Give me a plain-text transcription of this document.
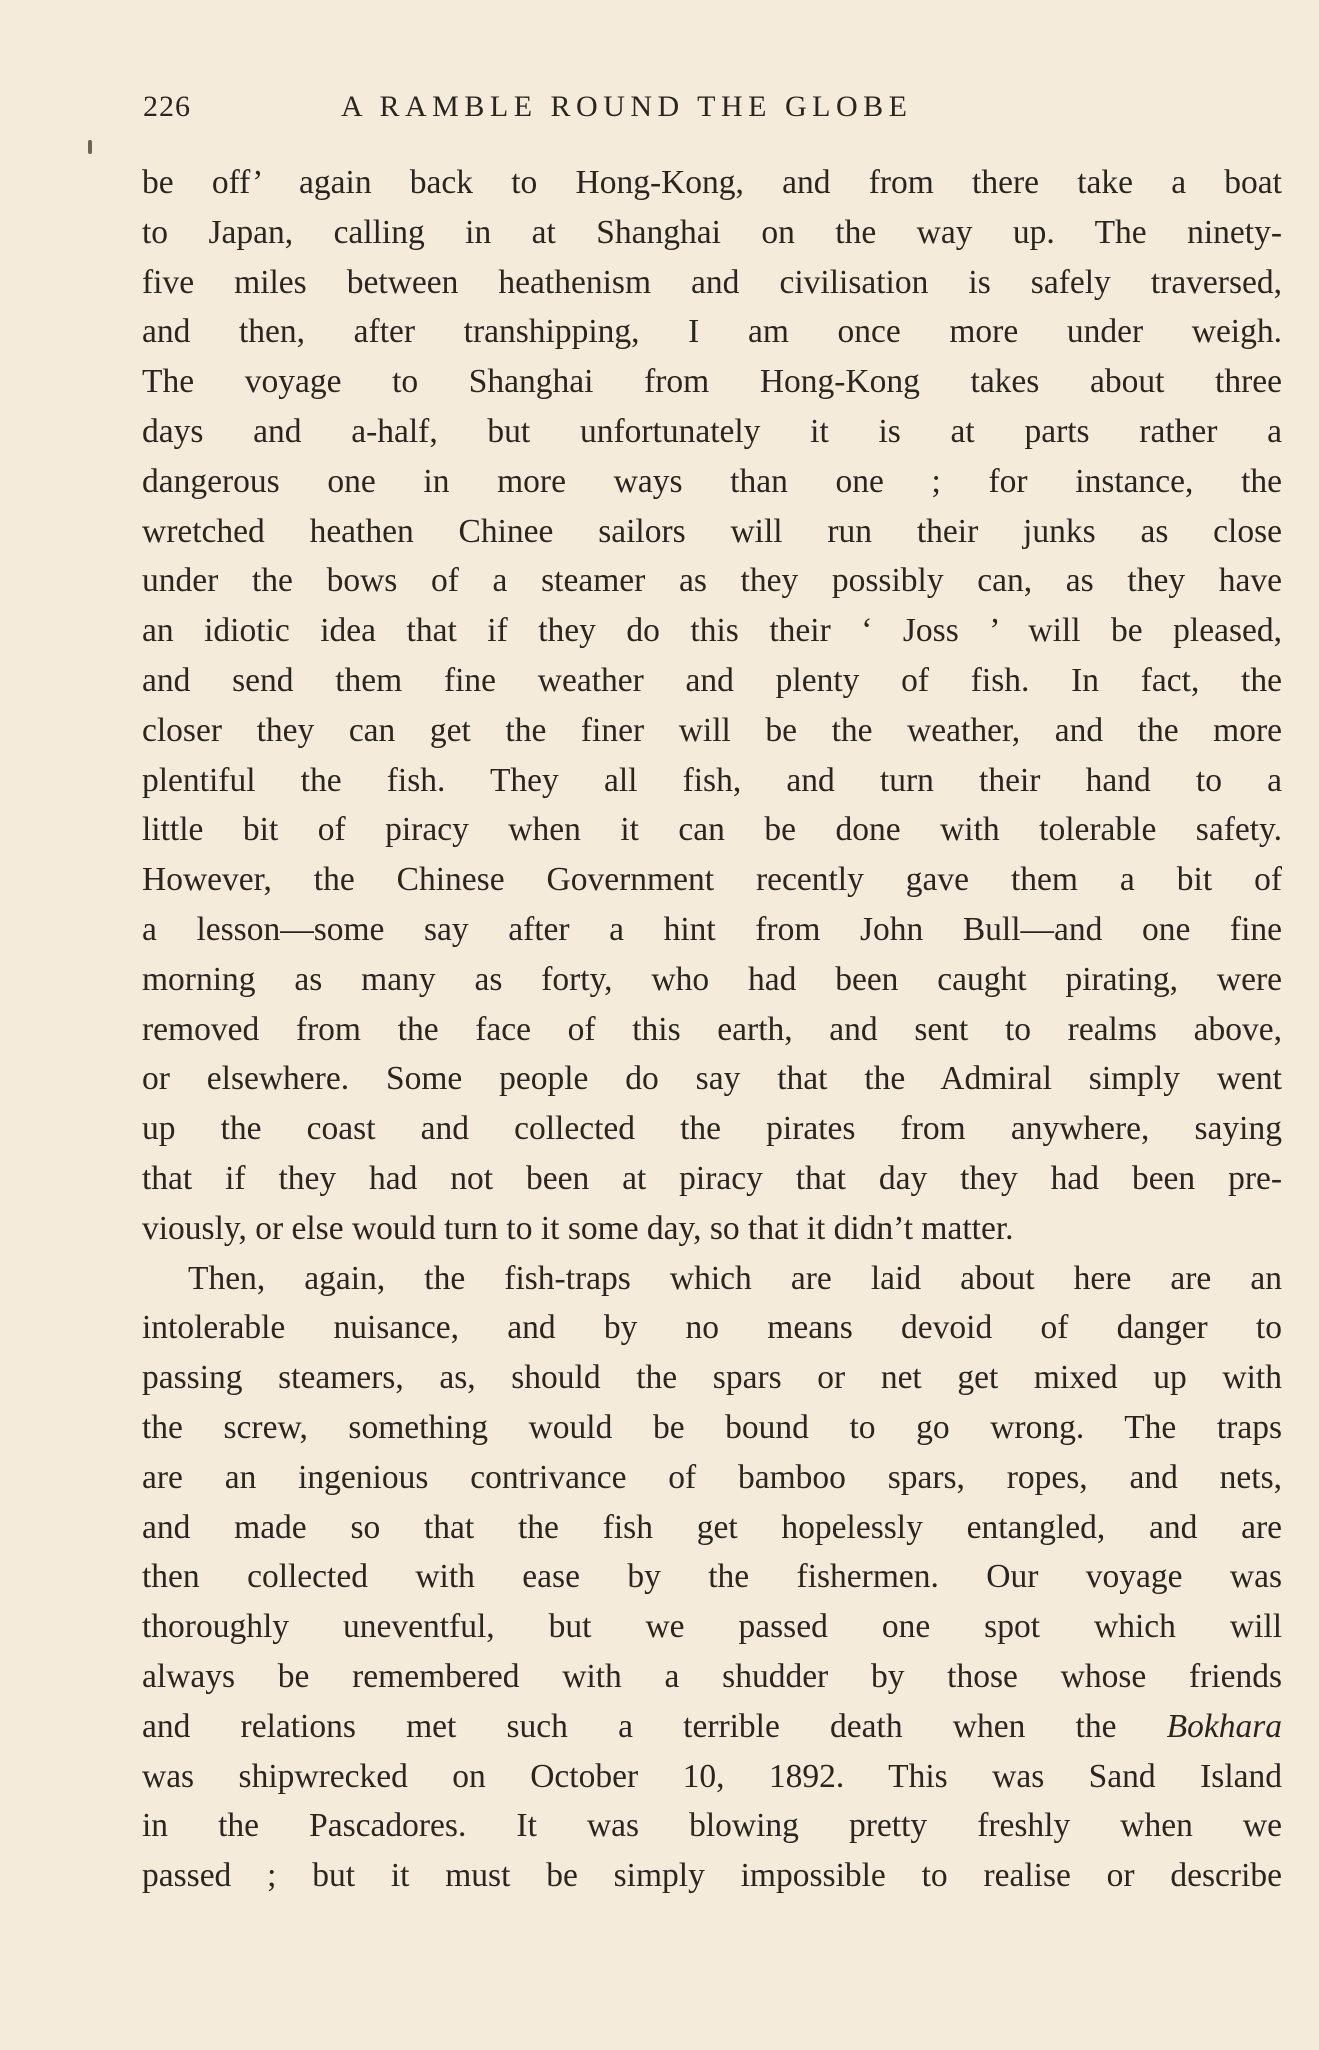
226	A RAMBLE ROUND THE GLOBE
be off’ again back to Hong-Kong, and from there take a boat
to Japan, calling in at Shanghai on the way up. The ninety-
five miles between heathenism and civilisation is safely traversed,
and then, after transhipping, I am once more under weigh.
The voyage to Shanghai from Hong-Kong takes about three
days and a-half, but unfortunately it is at parts rather a
dangerous one in more ways than one ; for instance, the
wretched heathen Chinee sailors will run their junks as close
under the bows of a steamer as they possibly can, as they have
an idiotic idea that if they do this their ‘ Joss ’ will be pleased,
and send them fine weather and plenty of fish. In fact, the
closer they can get the finer will be the weather, and the more
plentiful the fish. They all fish, and turn their hand to a
little bit of piracy when it can be done with tolerable safety.
However, the Chinese Government recently gave them a bit of
a lesson—some say after a hint from John Bull—and one fine
morning as many as forty, who had been caught pirating, were
removed from the face of this earth, and sent to realms above,
or elsewhere. Some people do say that the Admiral simply went
up the coast and collected the pirates from anywhere, saying
that if they had not been at piracy that day they had been pre-
viously, or else would turn to it some day, so that it didn’t matter.
Then, again, the fish-traps which are laid about here are an
intolerable nuisance, and by no means devoid of danger to
passing steamers, as, should the spars or net get mixed up with
the screw, something would be bound to go wrong. The traps
are an ingenious contrivance of bamboo spars, ropes, and nets,
and made so that the fish get hopelessly entangled, and are
then collected with ease by the fishermen. Our voyage was
thoroughly uneventful, but we passed one spot which will
always be remembered with a shudder by those whose friends
and relations met such a terrible death when the Bokhara
was shipwrecked on October 10, 1892. This was Sand Island
in the Pascadores. It was blowing pretty freshly when we
passed ; but it must be simply impossible to realise or describe
